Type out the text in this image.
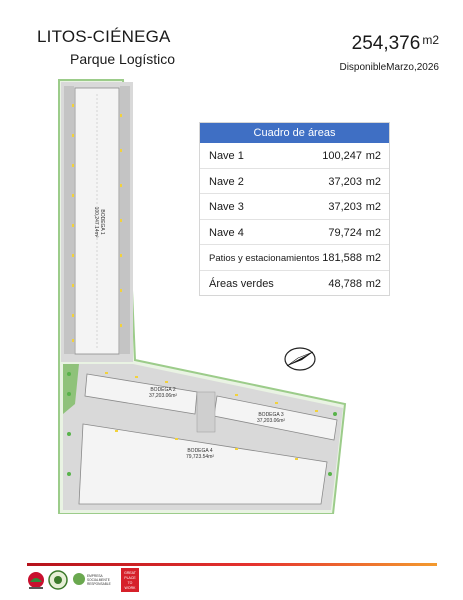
LITOS-CIÉNEGA
Parque Logístico
254,376 $^{m2}$
DisponibleMarzo,2026
BODEGA 1
100,247.14m²
BODEGA 2
37,203.06m²
BODEGA 3
37,203.06m²
BODEGA 4
79,723.54m²
Cuadro de áreas
Nave 1	100,247 m2
Nave 2	37,203 m2
Nave 3	37,203 m2
Nave 4	79,724 m2
Patios y estacionamientos 181,588 m2
Áreas verdes	48,788 m2
EMPRESA
SOCIALMENTE
RESPONSABLE
GREAT
PLACE
TO
WORK
